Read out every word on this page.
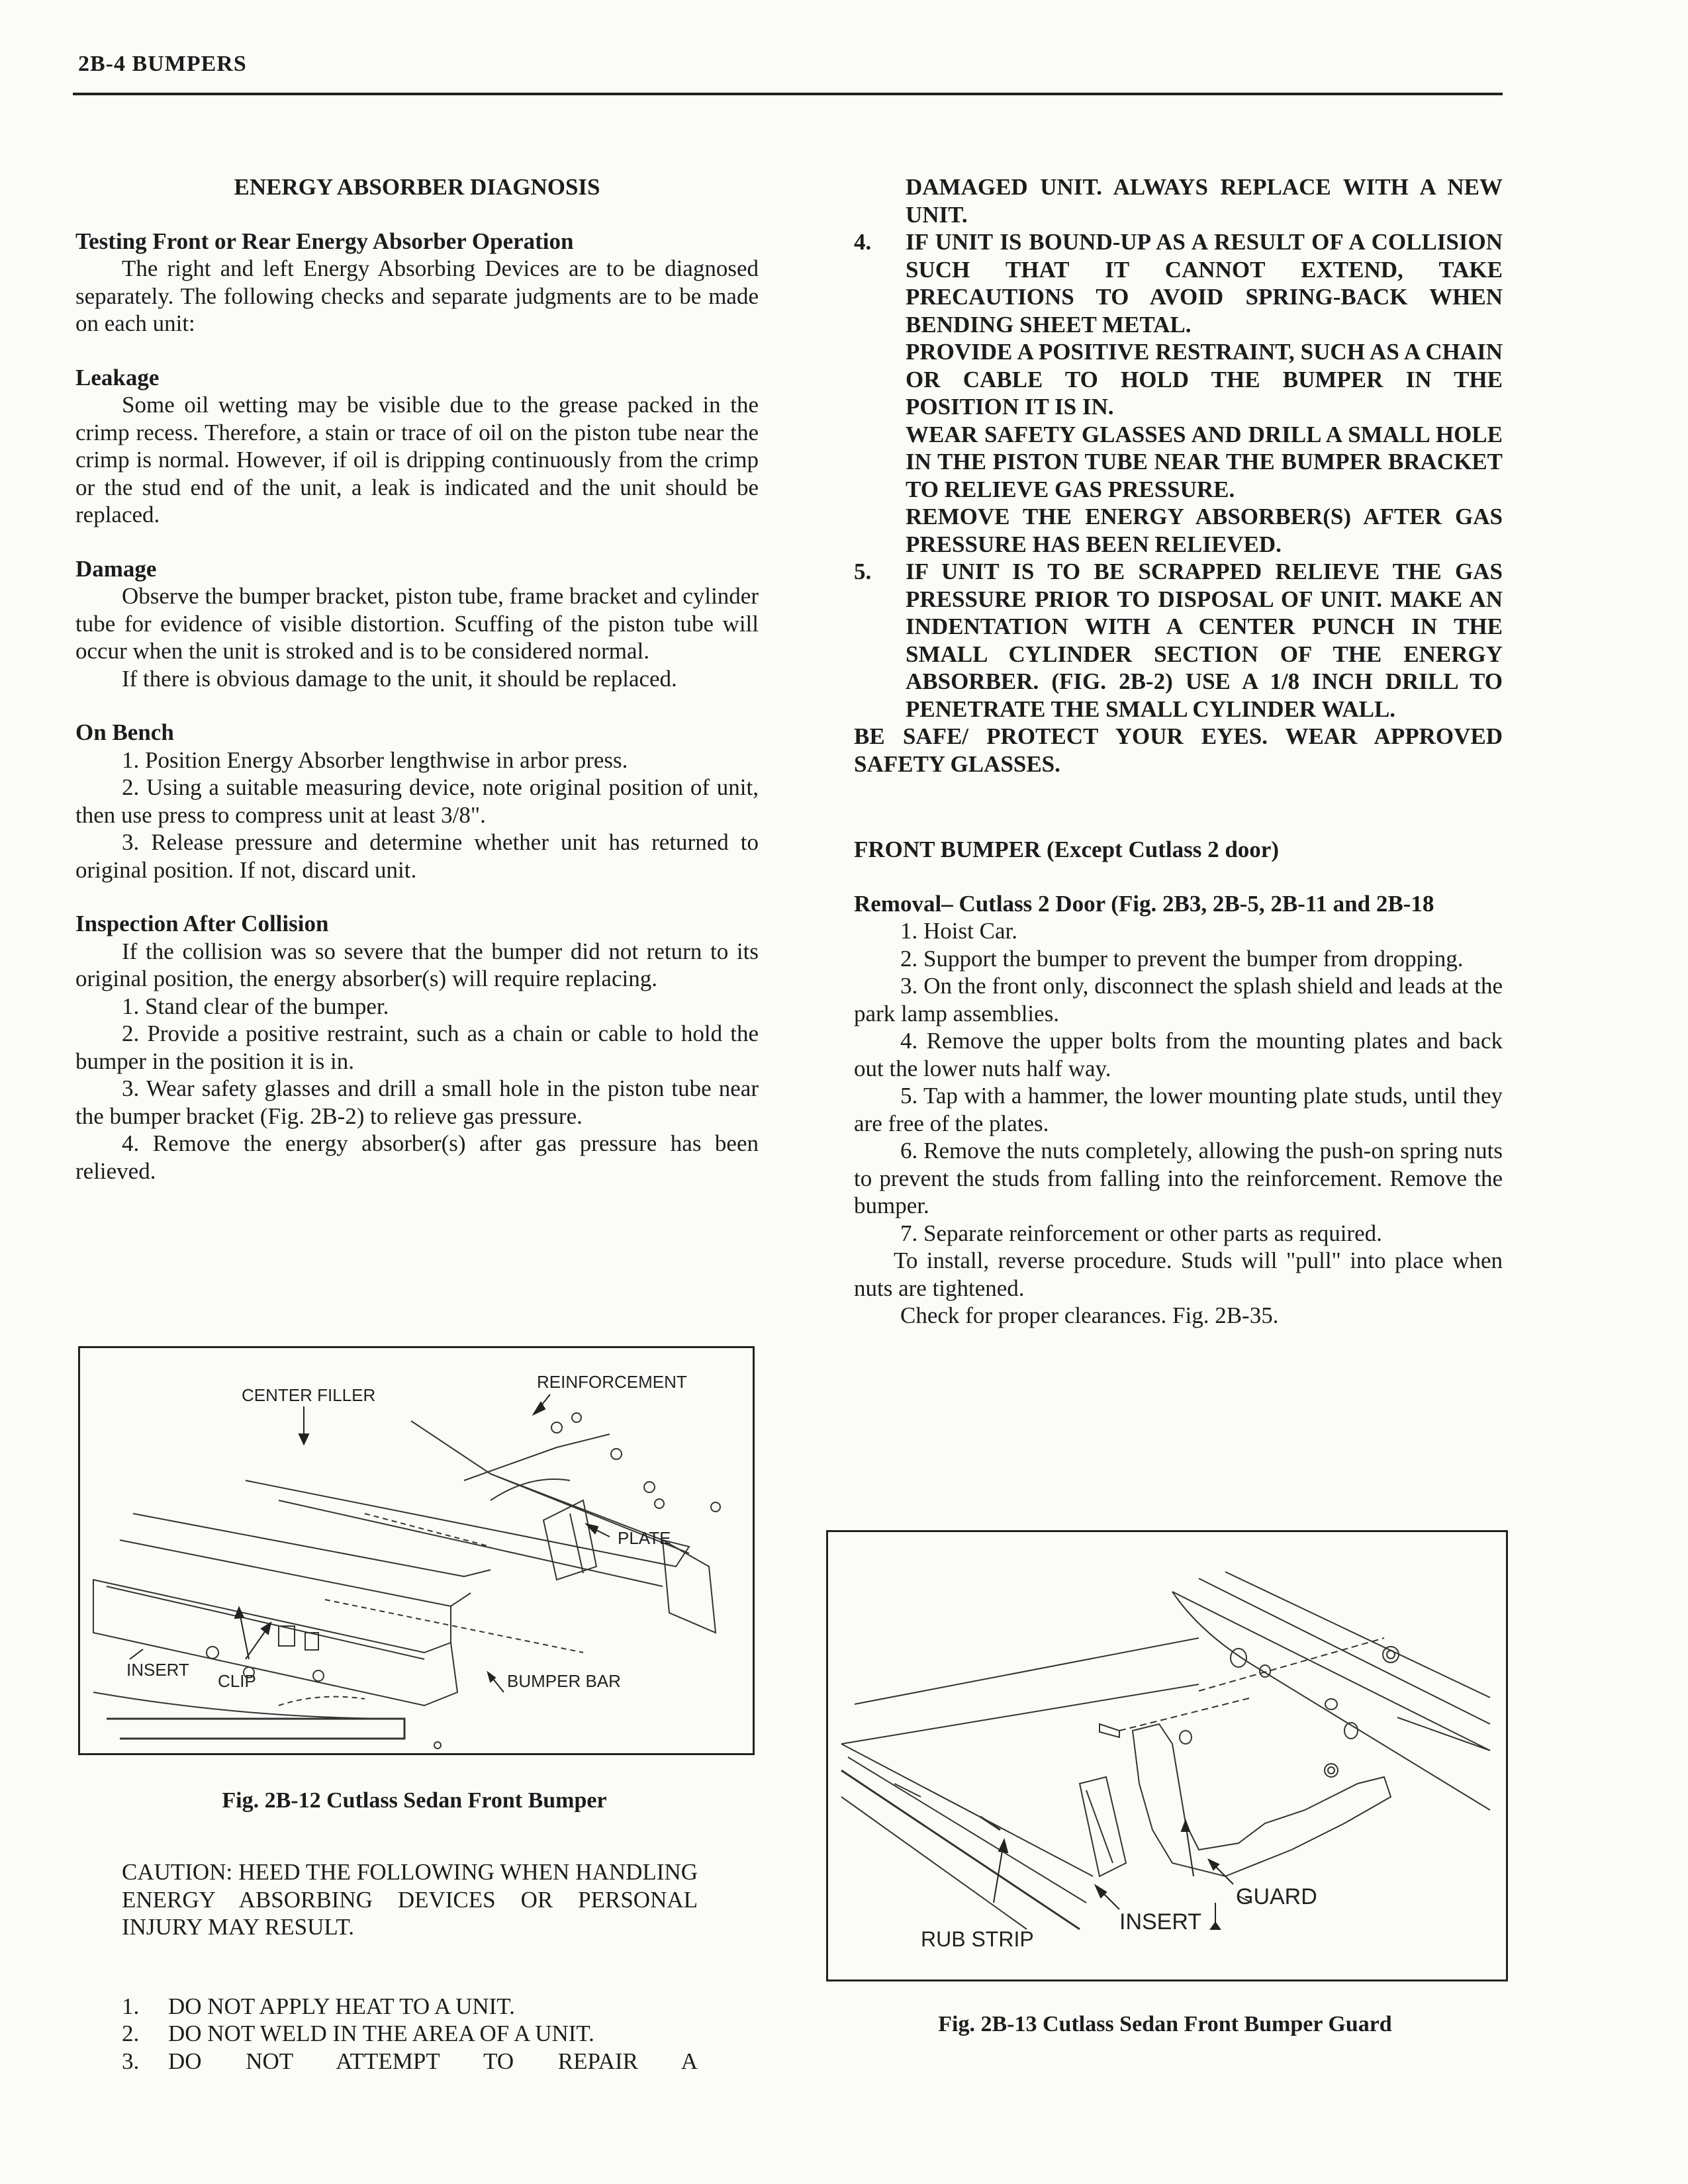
2B-4 BUMPERS

ENERGY ABSORBER DIAGNOSIS

Testing Front or Rear Energy Absorber Operation

The right and left Energy Absorbing Devices are to be diagnosed separately. The following checks and separate judgments are to be made on each unit:

Leakage

Some oil wetting may be visible due to the grease packed in the crimp recess. Therefore, a stain or trace of oil on the piston tube near the crimp is normal. However, if oil is dripping continuously from the crimp or the stud end of the unit, a leak is indicated and the unit should be replaced.

Damage

Observe the bumper bracket, piston tube, frame bracket and cylinder tube for evidence of visible distortion. Scuffing of the piston tube will occur when the unit is stroked and is to be considered normal.

If there is obvious damage to the unit, it should be replaced.

On Bench

1. Position Energy Absorber lengthwise in arbor press.

2. Using a suitable measuring device, note original position of unit, then use press to compress unit at least 3/8".

3. Release pressure and determine whether unit has returned to original position. If not, discard unit.

Inspection After Collision

If the collision was so severe that the bumper did not return to its original position, the energy absorber(s) will require replacing.

1. Stand clear of the bumper.

2. Provide a positive restraint, such as a chain or cable to hold the bumper in the position it is in.

3. Wear safety glasses and drill a small hole in the piston tube near the bumper bracket (Fig. 2B-2) to relieve gas pressure.

4. Remove the energy absorber(s) after gas pressure has been relieved.

CENTER FILLER
REINFORCEMENT
PLATE
INSERT
CLIP	BUMPER BAR
Fig. 2B-12 Cutlass Sedan Front Bumper

CAUTION: HEED THE FOLLOWING WHEN HANDLING ENERGY ABSORBING DEVICES OR PERSONAL INJURY MAY RESULT.

1.	DO NOT APPLY HEAT TO A UNIT.
2.	DO NOT WELD IN THE AREA OF A UNIT.
3.	DO NOT ATTEMPT TO REPAIR A

DAMAGED UNIT. ALWAYS REPLACE WITH A NEW UNIT.

4.	IF UNIT IS BOUND-UP AS A RESULT OF A COLLISION SUCH THAT IT CANNOT EXTEND, TAKE PRECAUTIONS TO AVOID SPRING-BACK WHEN BENDING SHEET METAL.

PROVIDE A POSITIVE RESTRAINT, SUCH AS A CHAIN OR CABLE TO HOLD THE BUMPER IN THE POSITION IT IS IN.

WEAR SAFETY GLASSES AND DRILL A SMALL HOLE IN THE PISTON TUBE NEAR THE BUMPER BRACKET TO RELIEVE GAS PRESSURE.

REMOVE THE ENERGY ABSORBER(S) AFTER GAS PRESSURE HAS BEEN RELIEVED.

5.	IF UNIT IS TO BE SCRAPPED RELIEVE THE GAS PRESSURE PRIOR TO DISPOSAL OF UNIT. MAKE AN INDENTATION WITH A CENTER PUNCH IN THE SMALL CYLINDER SECTION OF THE ENERGY ABSORBER. (FIG. 2B-2) USE A 1/8 INCH DRILL TO PENETRATE THE SMALL CYLINDER WALL.

BE SAFE/ PROTECT YOUR EYES. WEAR APPROVED SAFETY GLASSES.

FRONT BUMPER (Except Cutlass 2 door)

Removal– Cutlass 2 Door (Fig. 2B3, 2B-5, 2B-11 and 2B-18

1. Hoist Car.

2. Support the bumper to prevent the bumper from dropping.

3. On the front only, disconnect the splash shield and leads at the park lamp assemblies.

4. Remove the upper bolts from the mounting plates and back out the lower nuts half way.

5. Tap with a hammer, the lower mounting plate studs, until they are free of the plates.

6. Remove the nuts completely, allowing the push-on spring nuts to prevent the studs from falling into the reinforcement. Remove the bumper.

7. Separate reinforcement or other parts as required.

To install, reverse procedure. Studs will "pull" into place when nuts are tightened.

Check for proper clearances. Fig. 2B-35.

INSERT
GUARD
RUB STRIP
Fig. 2B-13 Cutlass Sedan Front Bumper Guard
